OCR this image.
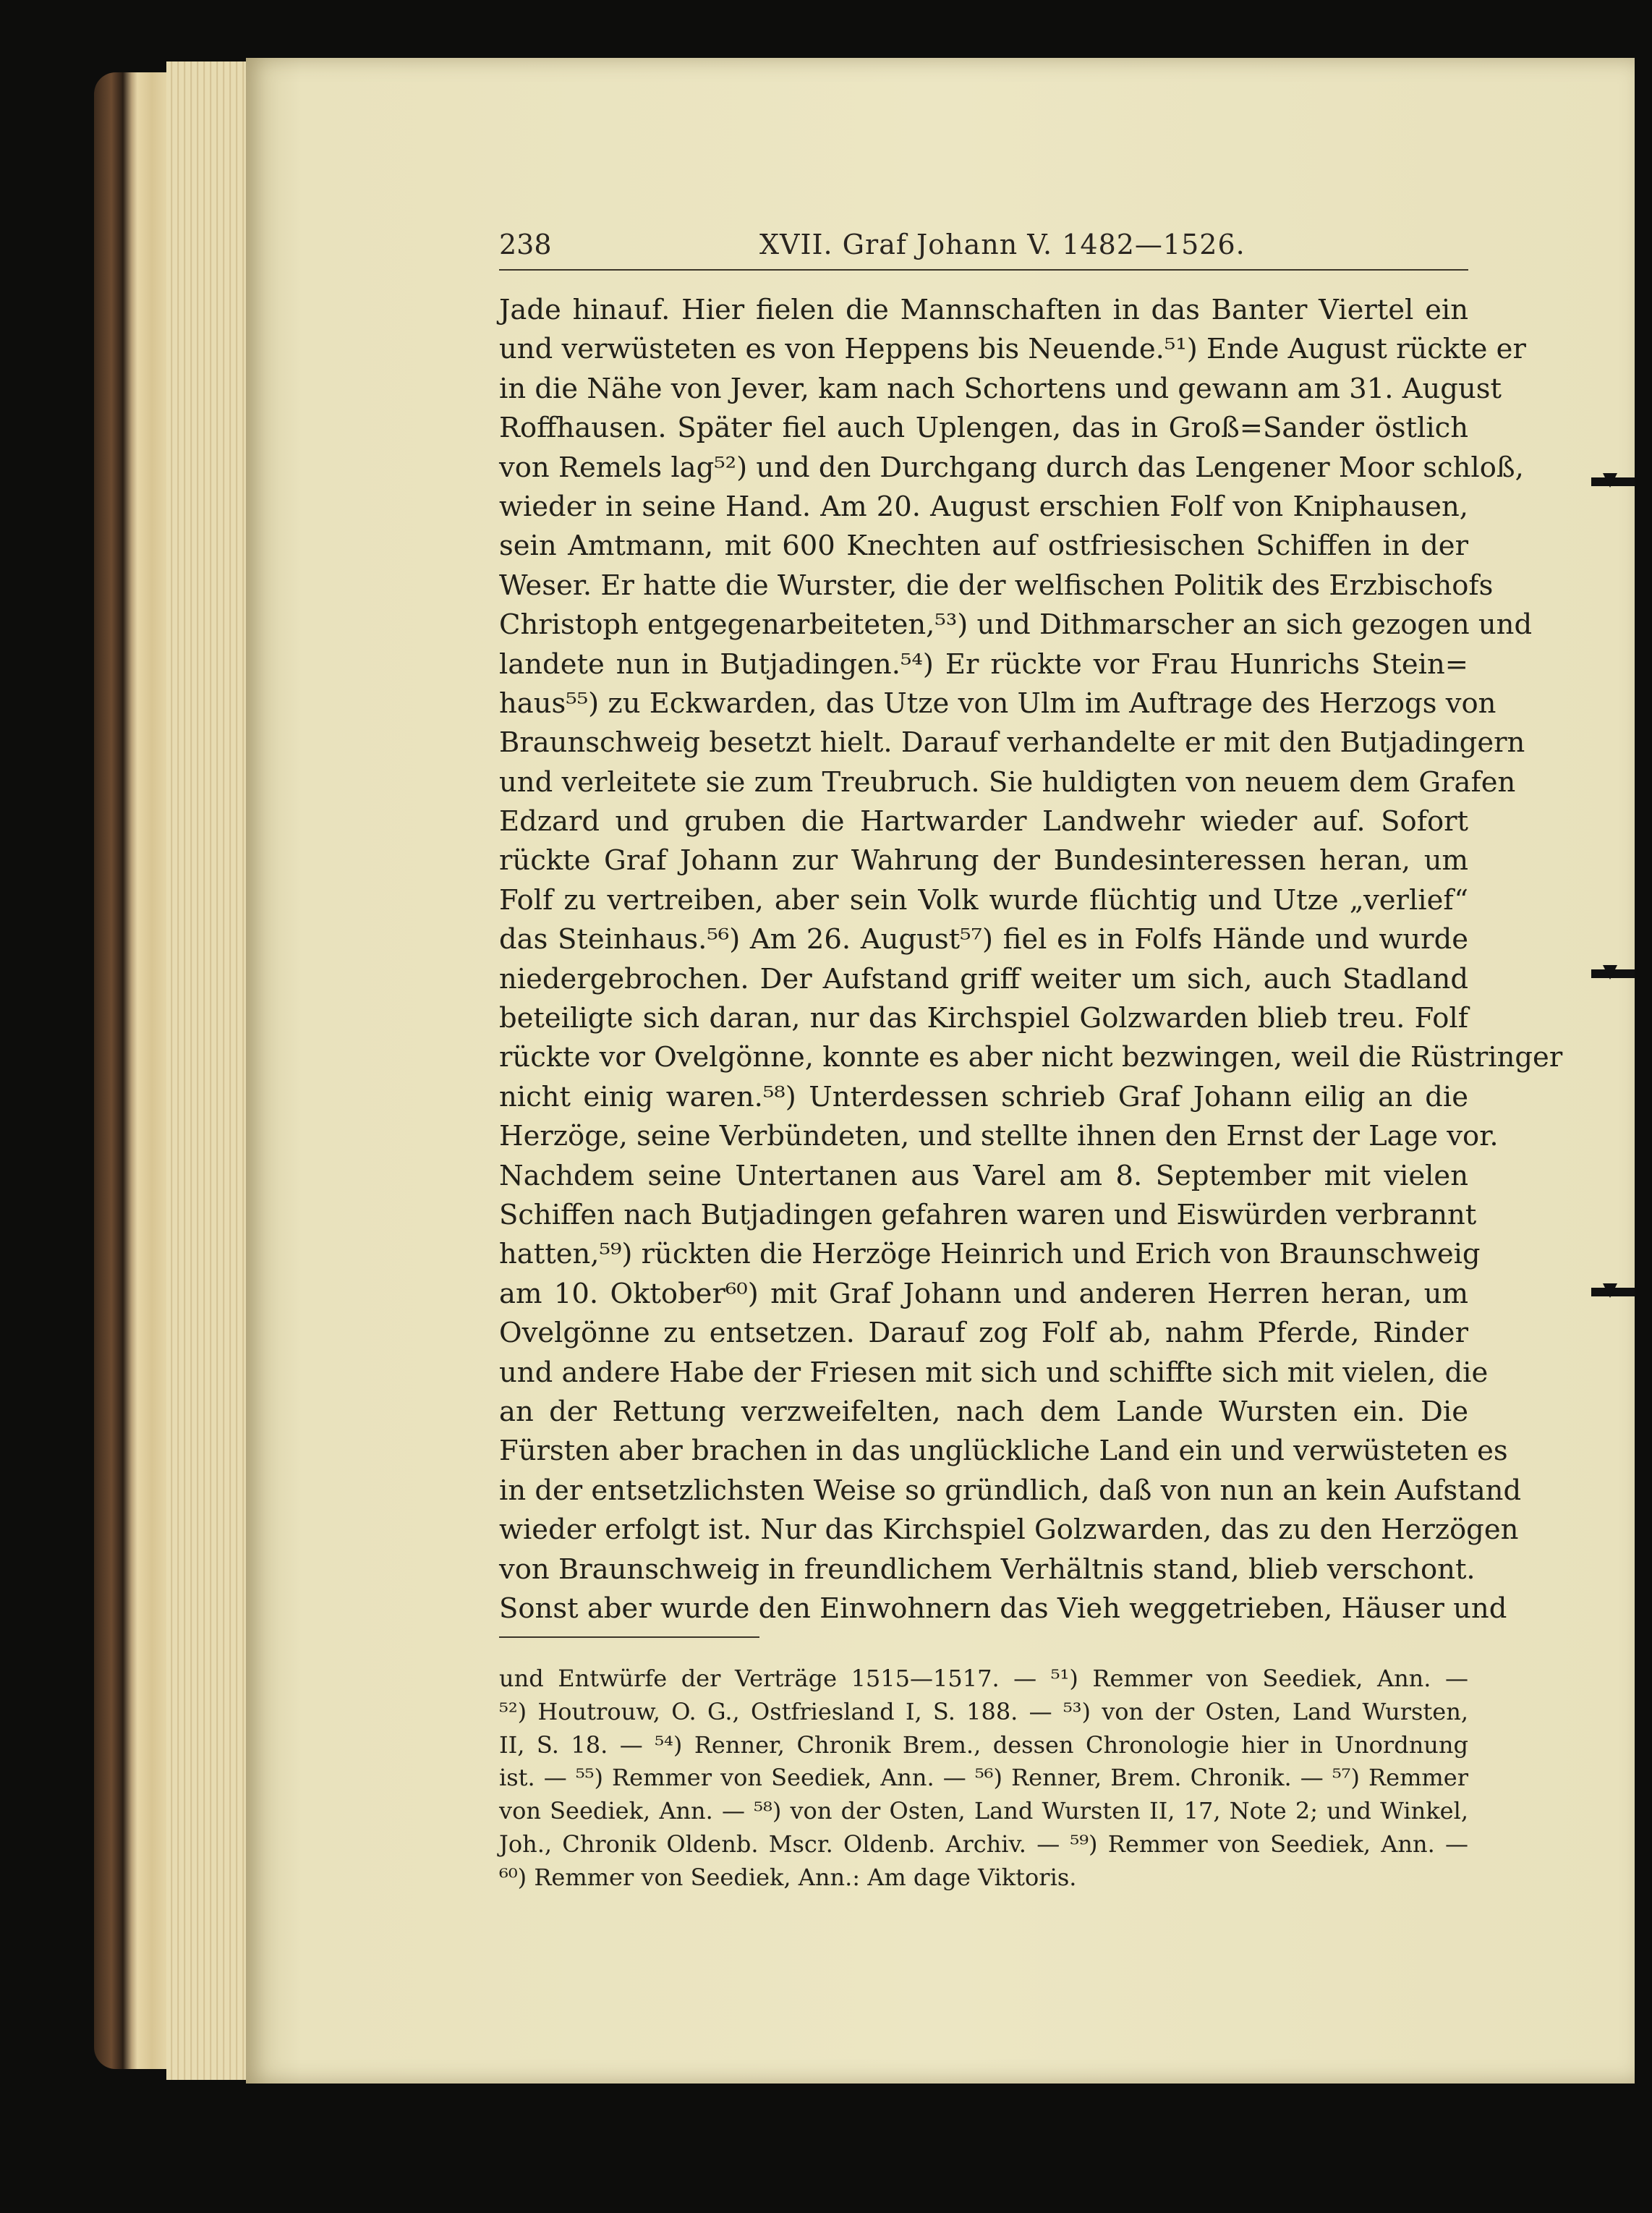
238	XVII. Graf Johann V. 1482—1526.
Jade hinauf. Hier fielen die Mannschaften in das Banter Viertel ein
und verwüsteten es von Heppens bis Neuende.⁵¹) Ende August rückte er
in die Nähe von Jever, kam nach Schortens und gewann am 31. August
Roffhausen. Später fiel auch Uplengen, das in Groß=Sander östlich
von Remels lag⁵²) und den Durchgang durch das Lengener Moor schloß,
wieder in seine Hand. Am 20. August erschien Folf von Kniphausen,
sein Amtmann, mit 600 Knechten auf ostfriesischen Schiffen in der
Weser. Er hatte die Wurster, die der welfischen Politik des Erzbischofs
Christoph entgegenarbeiteten,⁵³) und Dithmarscher an sich gezogen und
landete nun in Butjadingen.⁵⁴) Er rückte vor Frau Hunrichs Stein=
haus⁵⁵) zu Eckwarden, das Utze von Ulm im Auftrage des Herzogs von
Braunschweig besetzt hielt. Darauf verhandelte er mit den Butjadingern
und verleitete sie zum Treubruch. Sie huldigten von neuem dem Grafen
Edzard und gruben die Hartwarder Landwehr wieder auf. Sofort
rückte Graf Johann zur Wahrung der Bundesinteressen heran, um
Folf zu vertreiben, aber sein Volk wurde flüchtig und Utze „verlief“
das Steinhaus.⁵⁶) Am 26. August⁵⁷) fiel es in Folfs Hände und wurde
niedergebrochen. Der Aufstand griff weiter um sich, auch Stadland
beteiligte sich daran, nur das Kirchspiel Golzwarden blieb treu. Folf
rückte vor Ovelgönne, konnte es aber nicht bezwingen, weil die Rüstringer
nicht einig waren.⁵⁸) Unterdessen schrieb Graf Johann eilig an die
Herzöge, seine Verbündeten, und stellte ihnen den Ernst der Lage vor.
Nachdem seine Untertanen aus Varel am 8. September mit vielen
Schiffen nach Butjadingen gefahren waren und Eiswürden verbrannt
hatten,⁵⁹) rückten die Herzöge Heinrich und Erich von Braunschweig
am 10. Oktober⁶⁰) mit Graf Johann und anderen Herren heran, um
Ovelgönne zu entsetzen. Darauf zog Folf ab, nahm Pferde, Rinder
und andere Habe der Friesen mit sich und schiffte sich mit vielen, die
an der Rettung verzweifelten, nach dem Lande Wursten ein. Die
Fürsten aber brachen in das unglückliche Land ein und verwüsteten es
in der entsetzlichsten Weise so gründlich, daß von nun an kein Aufstand
wieder erfolgt ist. Nur das Kirchspiel Golzwarden, das zu den Herzögen
von Braunschweig in freundlichem Verhältnis stand, blieb verschont.
Sonst aber wurde den Einwohnern das Vieh weggetrieben, Häuser und
und Entwürfe der Verträge 1515—1517. — ⁵¹) Remmer von Seediek, Ann. —
⁵²) Houtrouw, O. G., Ostfriesland I, S. 188. — ⁵³) von der Osten, Land Wursten,
II, S. 18. — ⁵⁴) Renner, Chronik Brem., dessen Chronologie hier in Unordnung
ist. — ⁵⁵) Remmer von Seediek, Ann. — ⁵⁶) Renner, Brem. Chronik. — ⁵⁷) Remmer
von Seediek, Ann. — ⁵⁸) von der Osten, Land Wursten II, 17, Note 2; und Winkel,
Joh., Chronik Oldenb. Mscr. Oldenb. Archiv. — ⁵⁹) Remmer von Seediek, Ann. —
⁶⁰) Remmer von Seediek, Ann.: Am dage Viktoris.
